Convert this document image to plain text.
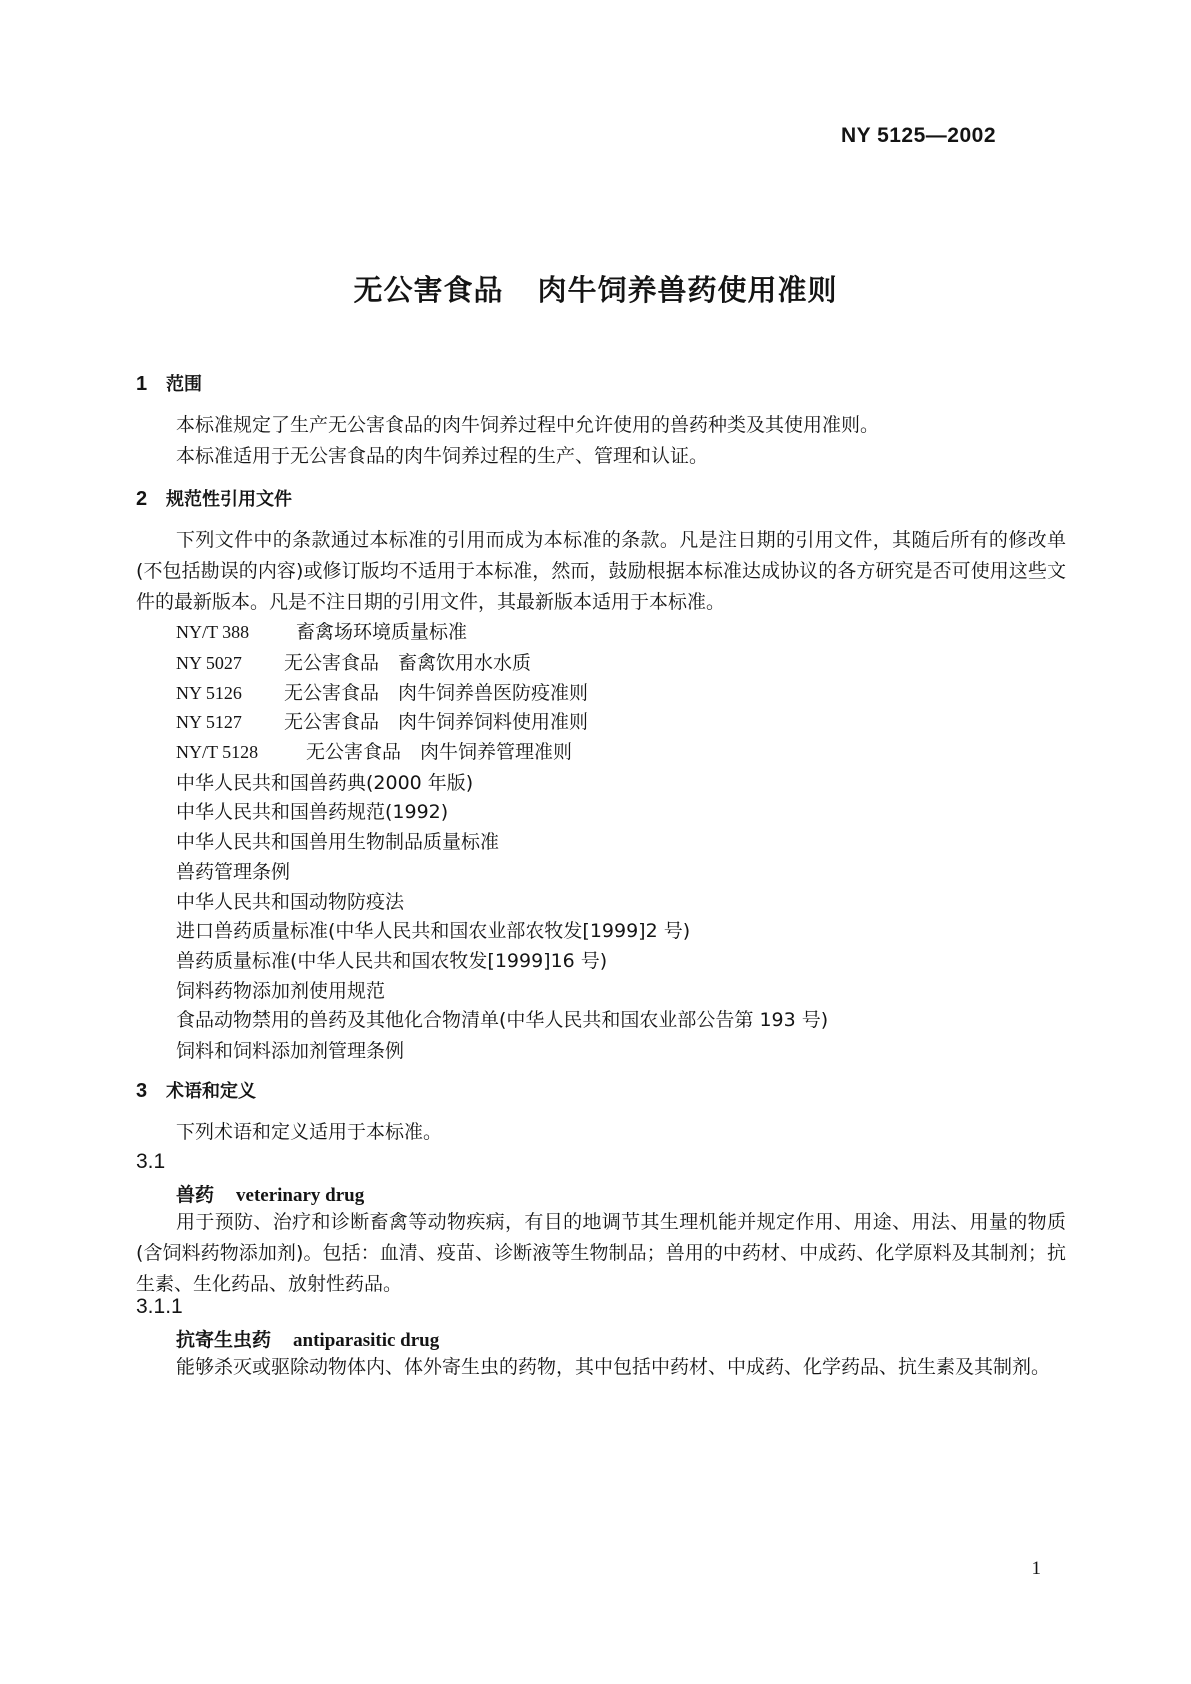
NY 5125—2002
无公害食品 肉牛饲养兽药使用准则
1 范围
本标准规定了生产无公害食品的肉牛饲养过程中允许使用的兽药种类及其使用准则。
本标准适用于无公害食品的肉牛饲养过程的生产、管理和认证。
2 规范性引用文件
下列文件中的条款通过本标准的引用而成为本标准的条款。凡是注日期的引用文件，其随后所有的修改单(不包括勘误的内容)或修订版均不适用于本标准，然而，鼓励根据本标准达成协议的各方研究是否可使用这些文件的最新版本。凡是不注日期的引用文件，其最新版本适用于本标准。
NY/T 388 畜禽场环境质量标准
NY 5027 无公害食品　畜禽饮用水水质
NY 5126 无公害食品　肉牛饲养兽医防疫准则
NY 5127 无公害食品　肉牛饲养饲料使用准则
NY/T 5128	无公害食品　肉牛饲养管理准则
中华人民共和国兽药典(2000 年版)
中华人民共和国兽药规范(1992)
中华人民共和国兽用生物制品质量标准
兽药管理条例
中华人民共和国动物防疫法
进口兽药质量标准(中华人民共和国农业部农牧发[1999]2 号)
兽药质量标准(中华人民共和国农牧发[1999]16 号)
饲料药物添加剂使用规范
食品动物禁用的兽药及其他化合物清单(中华人民共和国农业部公告第 193 号)
饲料和饲料添加剂管理条例
3 术语和定义
下列术语和定义适用于本标准。
3.1
兽药 veterinary drug
用于预防、治疗和诊断畜禽等动物疾病，有目的地调节其生理机能并规定作用、用途、用法、用量的物质(含饲料药物添加剂)。包括：血清、疫苗、诊断液等生物制品；兽用的中药材、中成药、化学原料及其制剂；抗生素、生化药品、放射性药品。
3.1.1
抗寄生虫药 antiparasitic drug
能够杀灭或驱除动物体内、体外寄生虫的药物，其中包括中药材、中成药、化学药品、抗生素及其制剂。
1
